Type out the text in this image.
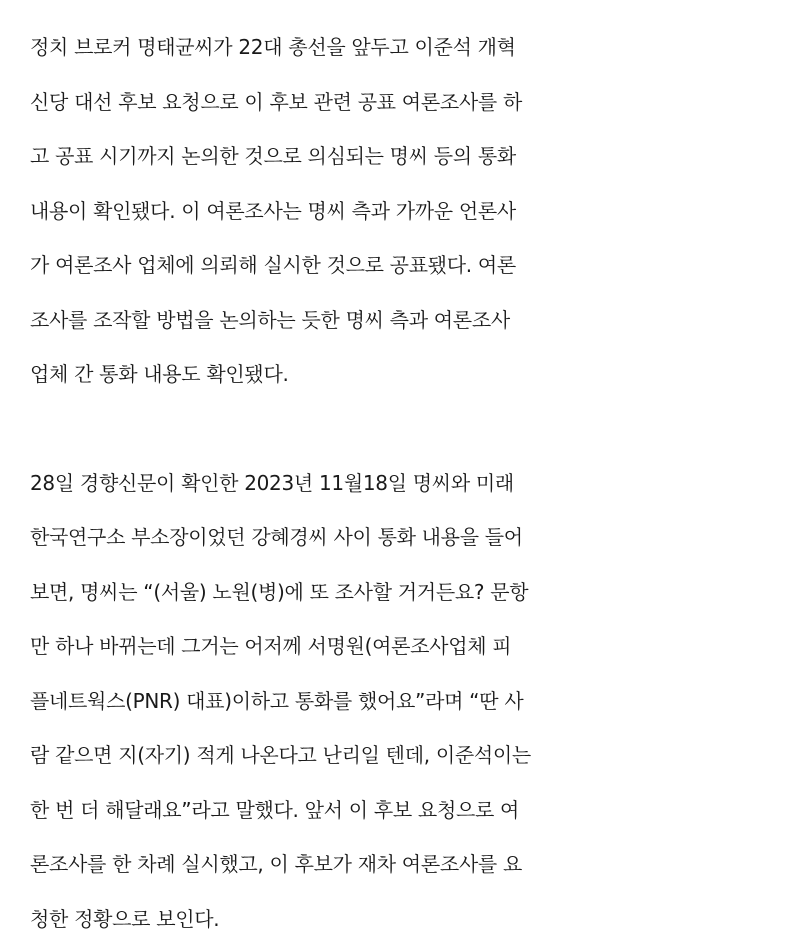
정치 브로커 명태균씨가 22대 총선을 앞두고 이준석 개혁
신당 대선 후보 요청으로 이 후보 관련 공표 여론조사를 하
고 공표 시기까지 논의한 것으로 의심되는 명씨 등의 통화
내용이 확인됐다. 이 여론조사는 명씨 측과 가까운 언론사
가 여론조사 업체에 의뢰해 실시한 것으로 공표됐다. 여론
조사를 조작할 방법을 논의하는 듯한 명씨 측과 여론조사
업체 간 통화 내용도 확인됐다.
28일 경향신문이 확인한 2023년 11월18일 명씨와 미래
한국연구소 부소장이었던 강혜경씨 사이 통화 내용을 들어
보면, 명씨는 “(서울) 노원(병)에 또 조사할 거거든요? 문항
만 하나 바뀌는데 그거는 어저께 서명원(여론조사업체 피
플네트웍스(PNR) 대표)이하고 통화를 했어요”라며 “딴 사
람 같으면 지(자기) 적게 나온다고 난리일 텐데, 이준석이는
한 번 더 해달래요”라고 말했다. 앞서 이 후보 요청으로 여
론조사를 한 차례 실시했고, 이 후보가 재차 여론조사를 요
청한 정황으로 보인다.
